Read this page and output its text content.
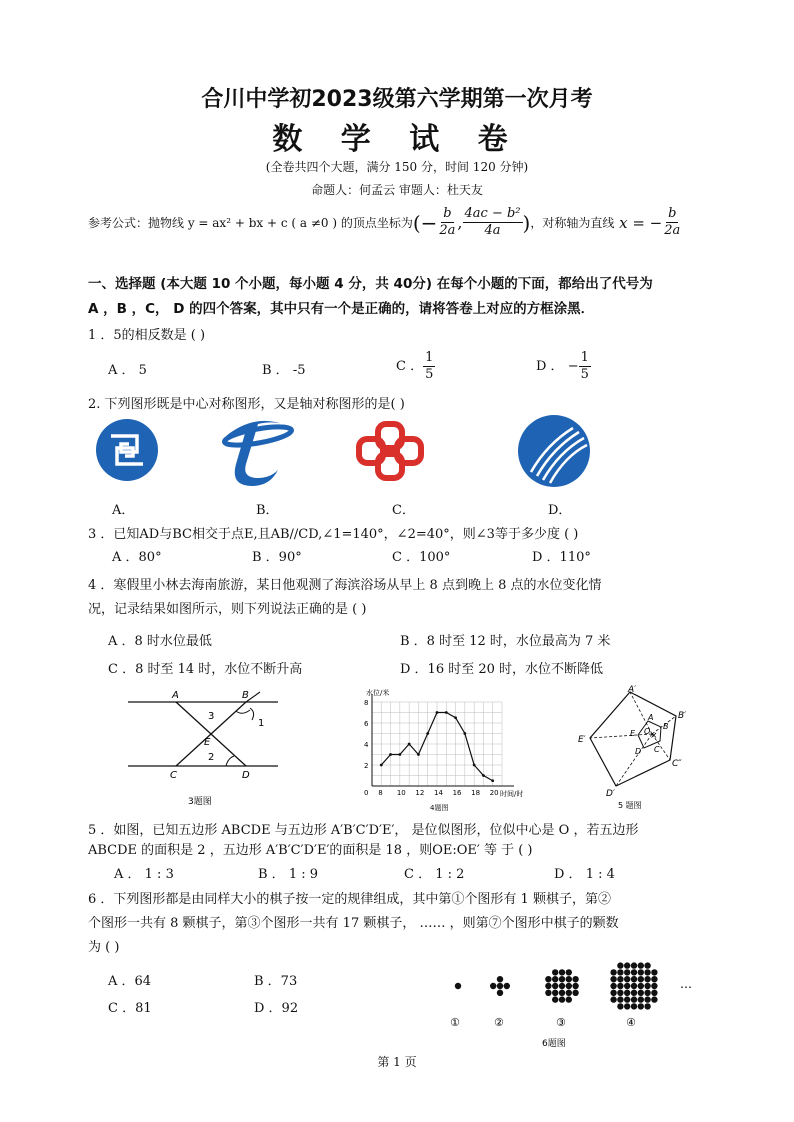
合川中学初2023级第六学期第一次月考
数 学 试 卷
(全卷共四个大题，满分 150 分，时间 120 分钟)
命题人：何孟云 审题人：杜天友
参考公式：抛物线 y = ax² + bx + c ( a ≠0 ) 的顶点坐标为 (− $\frac{b}{2a}$ , $\frac{\text{4ac − b²}}{4a}$ ) ，对称轴为直线 x = − $\frac{b}{2a}$
一、选择题 (本大题 10 个小题，每小题 4 分，共 40分) 在每个小题的下面，都给出了代号为
A ，B ，C， D 的四个答案，其中只有一个是正确的，请将答卷上对应的方框涂黑．
1 ．5的相反数是 ( )
A ． 5	B ． -5	C ． $\frac{1}{5}$	D ． − $\frac{1}{5}$
2. 下列图形既是中心对称图形，又是轴对称图形的是( )
A．	B．	C．	D．
3 ．已知AD与BC相交于点E,且AB//CD,∠1=140°，∠2=40°，则∠3等于多少度 ( )
A ．80°	B ．90°	C ．100°	D ．110°
4 ．寒假里小林去海南旅游，某日他观测了海滨浴场从早上 8 点到晚上 8 点的水位变化情
况，记录结果如图所示，则下列说法正确的是 ( )
A ．8 时水位最低	B ．8 时至 12 时，水位最高为 7 米
C ．8 时至 14 时，水位不断升高	D ．16 时至 20 时，水位不断降低
A	B
C	D
E
1
2
3
3题图
0 8 10 12 14 16 18 20
2
4
6
8
水位/米
时间/时
4题图
×
A′
B′
C″
D′
E′
A
B
C
D
E O
5 题图
5 ．如图，已知五边形 ABCDE 与五边形 A′B′C′D′E′， 是位似图形，位似中心是 O ，若五边形
ABCDE 的面积是 2 ，五边形 A′B′C′D′E′的面积是 18 ，则OE:OE′ 等 于 ( )
A ． 1 : 3	B ． 1 : 9	C ． 1 : 2	D ． 1 : 4
6 ．下列图形都是由同样大小的棋子按一定的规律组成，其中第①个图形有 1 颗棋子，第②
个图形一共有 8 颗棋子，第③个图形一共有 17 颗棋子， …… ，则第⑦个图形中棋子的颗数
为 ( )
A ．64	B ．73
C ．81	D ．92
…
①	②	③	④
6题图
第 1 页
